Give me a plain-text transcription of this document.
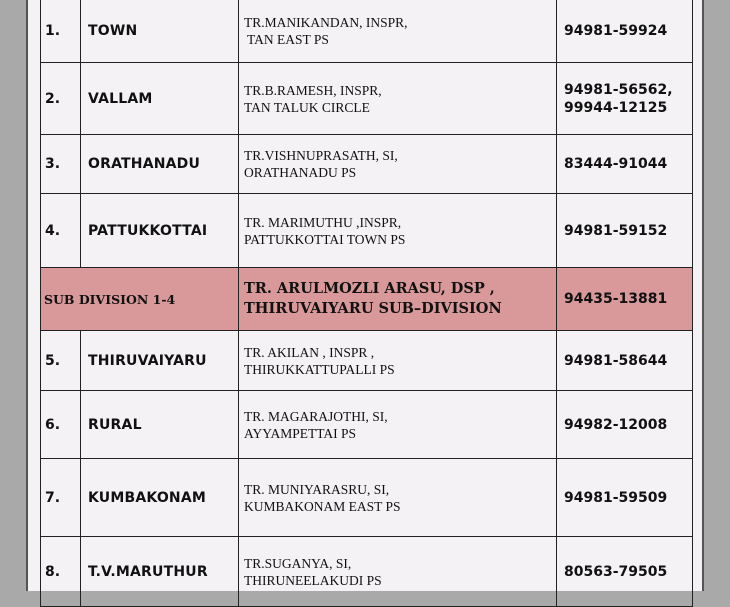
1.	TOWN	TR.MANIKANDAN, INSPR,
TAN EAST PS	94981-59924

2.	VALLAM	TR.B.RAMESH, INSPR,
TAN TALUK CIRCLE	94981-56562,
99944-12125

3.	ORATHANADU	TR.VISHNUPRASATH, SI,
ORATHANADU PS	83444-91044

4.	PATTUKKOTTAI	TR. MARIMUTHU ,INSPR,
PATTUKKOTTAI TOWN PS	94981-59152

SUB DIVISION 1-4		TR. ARULMOZLI ARASU, DSP ,
THIRUVAIYARU SUB–DIVISION	94435-13881
5.	THIRUVAIYARU	TR. AKILAN , INSPR ,
THIRUKKATTUPALLI PS	94981-58644

6.	RURAL	TR. MAGARAJOTHI, SI,
AYYAMPETTAI PS	94982-12008

7.	KUMBAKONAM	TR. MUNIYARASRU, SI,
KUMBAKONAM EAST PS	94981-59509

8.	T.V.MARUTHUR	TR.SUGANYA, SI,
THIRUNEELAKUDI PS	80563-79505
